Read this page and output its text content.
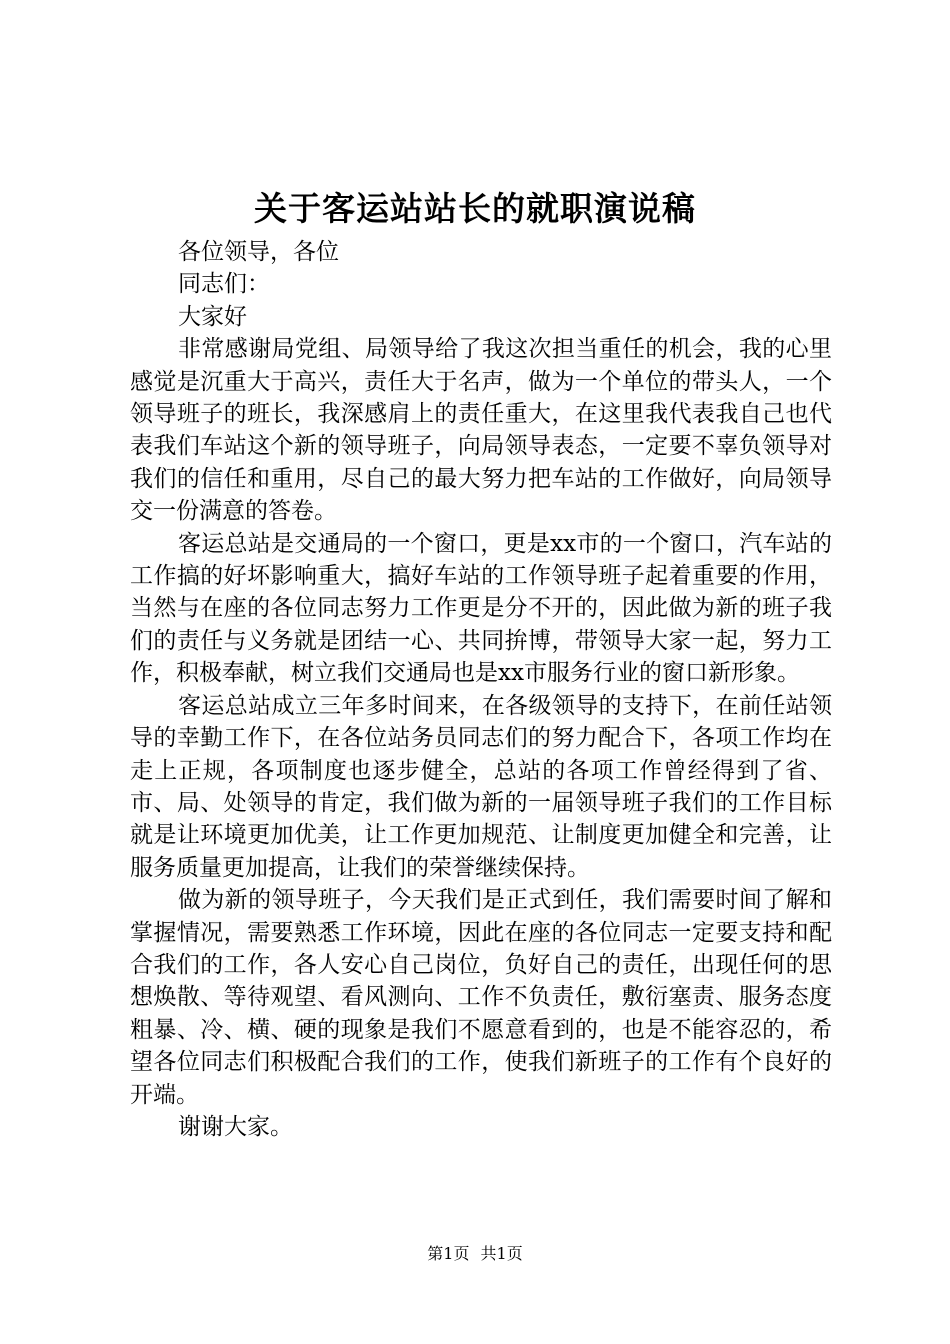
关于客运站站长的就职演说稿

各位领导，各位

同志们：

大家好

非常感谢局党组、局领导给了我这次担当重任的机会，我的心里感觉是沉重大于高兴，责任大于名声，做为一个单位的带头人，一个领导班子的班长，我深感肩上的责任重大，在这里我代表我自己也代表我们车站这个新的领导班子，向局领导表态，一定要不辜负领导对我们的信任和重用，尽自己的最大努力把车站的工作做好，向局领导交一份满意的答卷。

客运总站是交通局的一个窗口，更是xx市的一个窗口，汽车站的工作搞的好坏影响重大，搞好车站的工作领导班子起着重要的作用，当然与在座的各位同志努力工作更是分不开的，因此做为新的班子我们的责任与义务就是团结一心、共同拚博，带领导大家一起，努力工作，积极奉献，树立我们交通局也是xx市服务行业的窗口新形象。

客运总站成立三年多时间来，在各级领导的支持下，在前任站领导的幸勤工作下，在各位站务员同志们的努力配合下，各项工作均在走上正规，各项制度也逐步健全，总站的各项工作曾经得到了省、市、局、处领导的肯定，我们做为新的一届领导班子我们的工作目标就是让环境更加优美，让工作更加规范、让制度更加健全和完善，让服务质量更加提高，让我们的荣誉继续保持。

做为新的领导班子，今天我们是正式到任，我们需要时间了解和掌握情况，需要熟悉工作环境，因此在座的各位同志一定要支持和配合我们的工作，各人安心自己岗位，负好自己的责任，出现任何的思想焕散、等待观望、看风测向、工作不负责任，敷衍塞责、服务态度粗暴、冷、横、硬的现象是我们不愿意看到的，也是不能容忍的，希望各位同志们积极配合我们的工作，使我们新班子的工作有个良好的开端。

谢谢大家。

第1页 共1页
